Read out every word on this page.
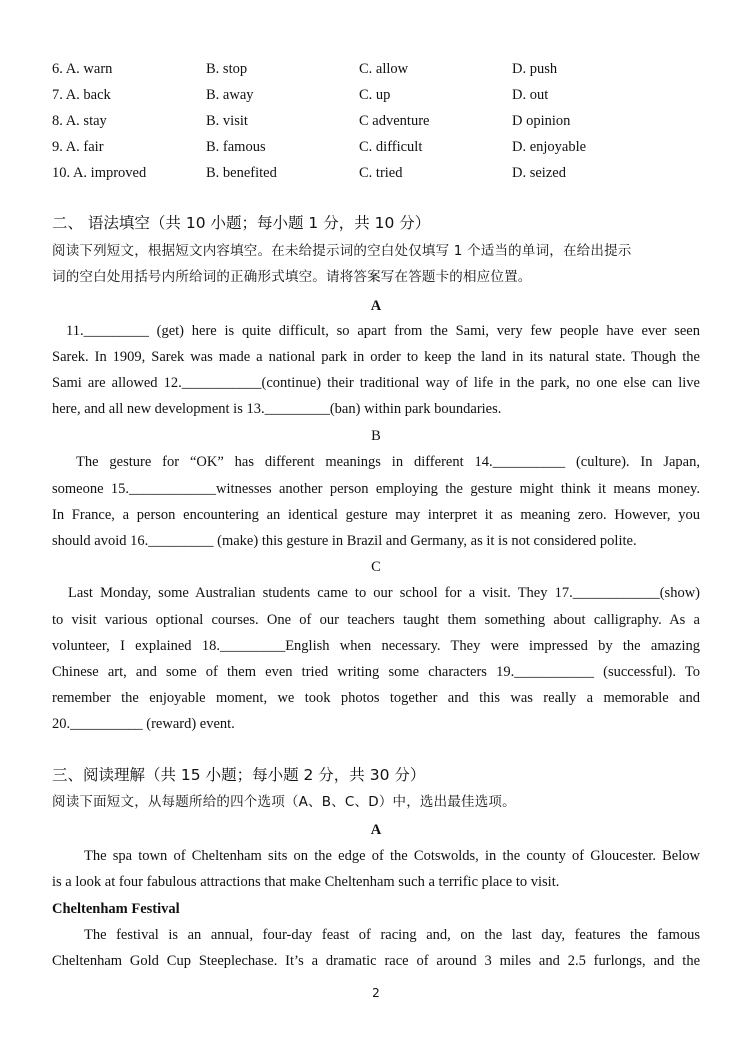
6. A. warn	B. stop	C. allow	D. push
7. A. back	B. away	C. up	D. out
8. A. stay	B. visit	C adventure	D opinion
9. A. fair	B. famous	C. difficult	D. enjoyable
10. A. improved	B. benefited	C. tried	D. seized
二、 语法填空（共 10 小题；每小题 1 分，共 10 分）
阅读下列短文，根据短文内容填空。在未给提示词的空白处仅填写 1 个适当的单词，在给出提示
词的空白处用括号内所给词的正确形式填空。请将答案写在答题卡的相应位置。
A
11._________ (get) here is quite difficult, so apart from the Sami, very few people have ever seen
Sarek. In 1909, Sarek was made a national park in order to keep the land in its natural state. Though the
Sami are allowed 12.___________(continue) their traditional way of life in the park, no one else can live
here, and all new development is 13._________(ban) within park boundaries.
B
The gesture for “OK” has different meanings in different 14.__________ (culture). In Japan,
someone 15.____________witnesses another person employing the gesture might think it means money.
In France, a person encountering an identical gesture may interpret it as meaning zero. However, you
should avoid 16._________ (make) this gesture in Brazil and Germany, as it is not considered polite.
C
Last Monday, some Australian students came to our school for a visit. They 17.____________(show)
to visit various optional courses. One of our teachers taught them something about calligraphy. As a
volunteer, I explained 18._________English when necessary. They were impressed by the amazing
Chinese art, and some of them even tried writing some characters 19.___________ (successful). To
remember the enjoyable moment, we took photos together and this was really a memorable and
20.__________ (reward) event.
三、阅读理解（共 15 小题；每小题 2 分，共 30 分）
阅读下面短文，从每题所给的四个选项（A、B、C、D）中，选出最佳选项。
A
The spa town of Cheltenham sits on the edge of the Cotswolds, in the county of Gloucester. Below
is a look at four fabulous attractions that make Cheltenham such a terrific place to visit.
Cheltenham Festival
The festival is an annual, four-day feast of racing and, on the last day, features the famous
Cheltenham Gold Cup Steeplechase. It’s a dramatic race of around 3 miles and 2.5 furlongs, and the
2
